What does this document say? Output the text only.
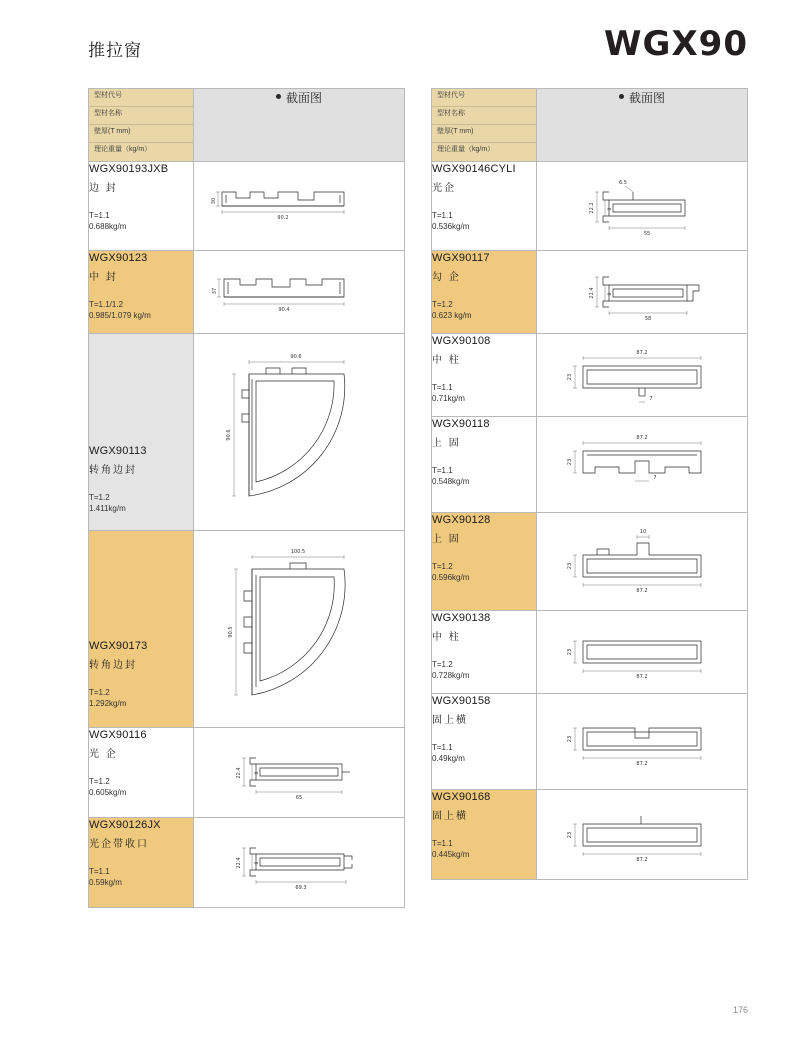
推拉窗	WGX90
型材代号
型材名称
壁厚(T mm)
理论重量（kg/m）	截面图

WGX90193JXB
边 封
T=1.1
0.688kg/m

30
90.2

WGX90123
中 封
T=1.1/1.2
0.985/1.079 kg/m

37
90.4

WGX90113
转角边封
T=1.2
1.411kg/m

90.6
90.6

WGX90173
转角边封
T=1.2
1.292kg/m

100.5
90.5

WGX90116
光 企
T=1.2
0.605kg/m

22.4	8
65

WGX90126JX
光企带收口
T=1.1
0.59kg/m

22.4	8
69.3
型材代号
型材名称
壁厚(T mm)
理论重量（kg/m）	截面图

WGX90146CYLI
光企
T=1.1
0.536kg/m

22.2	8
6.5
55

WGX90117
勾 企
T=1.2
0.623 kg/m

22.4	8
58

WGX90108
中 柱
T=1.1
0.71kg/m

87.2
23
7

WGX90118
上 固
T=1.1
0.548kg/m

87.2
23
7

WGX90128
上 固
T=1.2
0.596kg/m

10
23
87.2

WGX90138
中 柱
T=1.2
0.728kg/m

23
87.2

WGX90158
固上横
T=1.1
0.49kg/m

23
87.2

WGX90168
固上横
T=1.1
0.445kg/m

23
87.2
176
